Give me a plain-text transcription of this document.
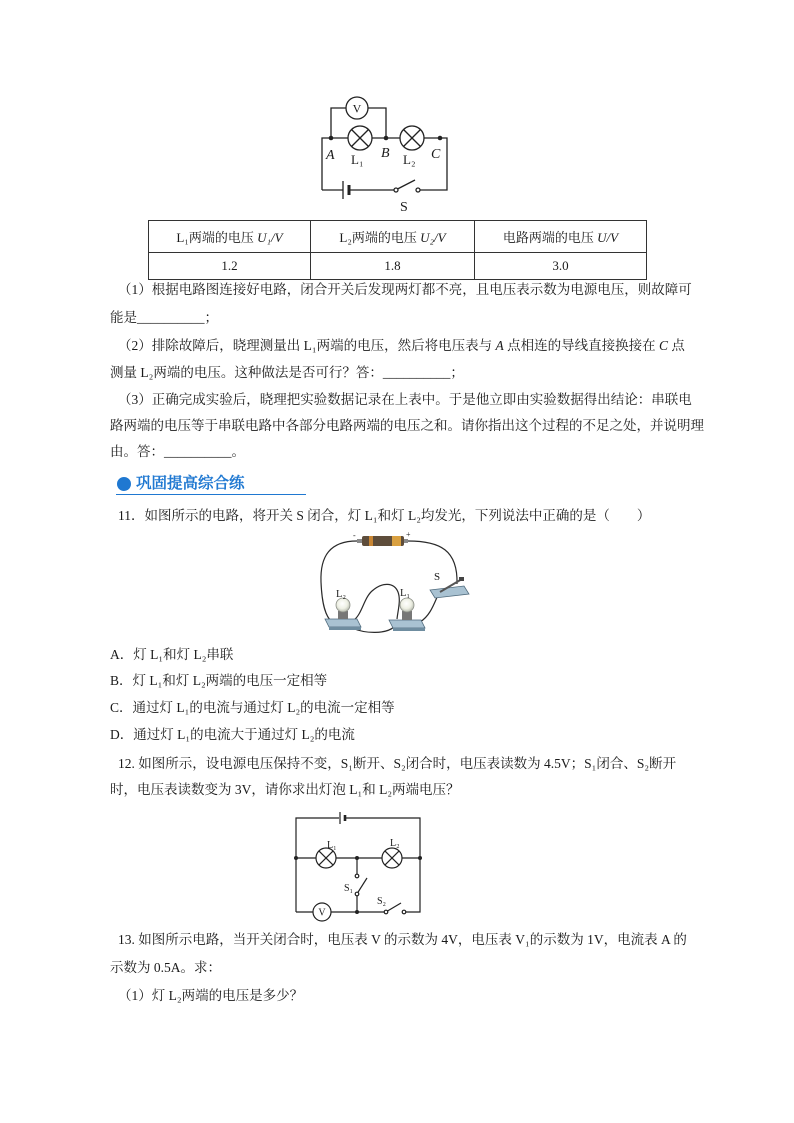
V
A L₁ B L₂ C
S
L₁两端的电压 U₁/V	L₂两端的电压 U₂/V	电路两端的电压 U/V
1.2	1.8	3.0
（1）根据电路图连接好电路，闭合开关后发现两灯都不亮，且电压表示数为电源电压，则故障可
能是__________；
（2）排除故障后，晓理测量出 L₁两端的电压，然后将电压表与 A 点相连的导线直接换接在 C 点
测量 L₂两端的电压。这种做法是否可行？答：__________；
（3）正确完成实验后，晓理把实验数据记录在上表中。于是他立即由实验数据得出结论：串联电
路两端的电压等于串联电路中各部分电路两端的电压之和。请你指出这个过程的不足之处，并说明理
由。答：__________。
巩固提高综合练
11．如图所示的电路，将开关 S 闭合，灯 L₁和灯 L₂均发光，下列说法中正确的是（　　）
-	+
L₂	L₁
S
A．灯 L₁和灯 L₂串联
B．灯 L₁和灯 L₂两端的电压一定相等
C．通过灯 L₁的电流与通过灯 L₂的电流一定相等
D．通过灯 L₁的电流大于通过灯 L₂的电流
12. 如图所示，设电源电压保持不变，S₁断开、S₂闭合时，电压表读数为 4.5V；S₁闭合、S₂断开
时，电压表读数变为 3V，请你求出灯泡 L₁和 L₂两端电压？
V
L₁	L₂
S₁
S₂
13. 如图所示电路，当开关闭合时，电压表 V 的示数为 4V，电压表 V₁的示数为 1V，电流表 A 的
示数为 0.5A。求：
（1）灯 L₂两端的电压是多少？
